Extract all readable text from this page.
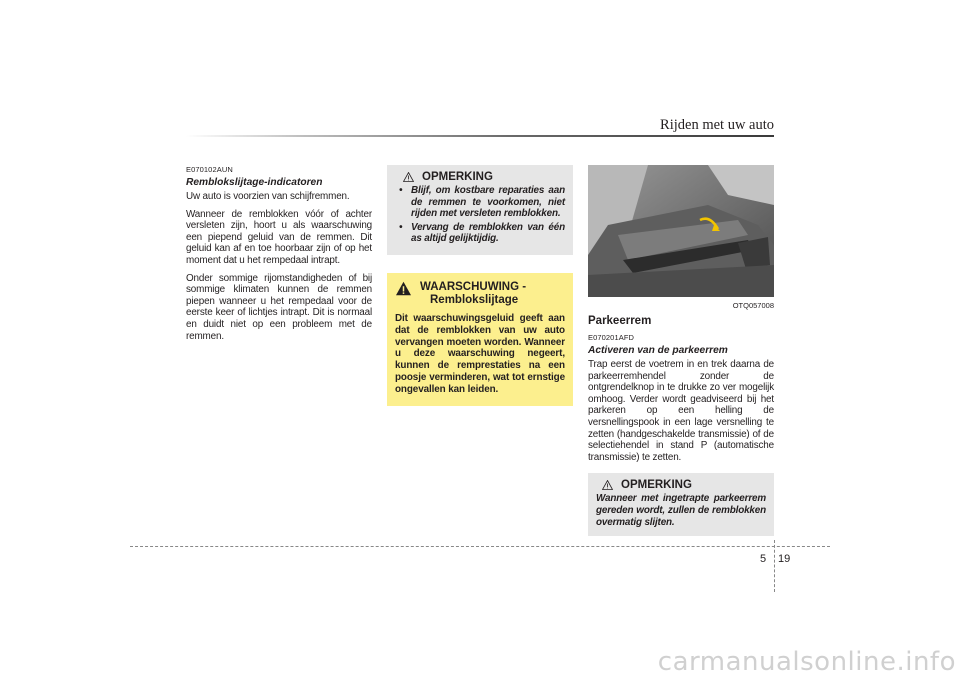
Rijden met uw auto
E070102AUN
Remblokslijtage-indicatoren

Uw auto is voorzien van schijfremmen.

Wanneer de remblokken vóór of achter versleten zijn, hoort u als waarschuwing een piepend geluid van de remmen. Dit geluid kan af en toe hoorbaar zijn of op het moment dat u het rempedaal intrapt.

Onder sommige rijomstandigheden of bij sommige klimaten kunnen de remmen piepen wanneer u het rempedaal voor de eerste keer of lichtjes intrapt. Dit is normaal en duidt niet op een probleem met de remmen.

OPMERKING
• Blijf, om kostbare reparaties aan de remmen te voorkomen, niet rijden met versleten remblokken.
• Vervang de remblokken van één as altijd gelijktijdig.
WAARSCHUWING -
Remblokslijtage
Dit waarschuwingsgeluid geeft aan dat de remblokken van uw auto vervangen moeten worden. Wanneer u deze waarschuwing negeert, kunnen de remprestaties na een poosje verminderen, wat tot ernstige ongevallen kan leiden.
OTQ057008
Parkeerrem
E070201AFD
Activeren van de parkeerrem

Trap eerst de voetrem in en trek daarna de parkeerremhendel zonder de ontgrendelknop in te drukke zo ver mogelijk omhoog. Verder wordt geadviseerd bij het parkeren op een helling de versnellingspook in een lage versnelling te zetten (handgeschakelde transmissie) of de selectiehendel in stand P (automatische transmissie) te zetten.

OPMERKING
Wanneer met ingetrapte parkeerrem gereden wordt, zullen de remblokken overmatig slijten.
5 19
carmanualsonline.info
